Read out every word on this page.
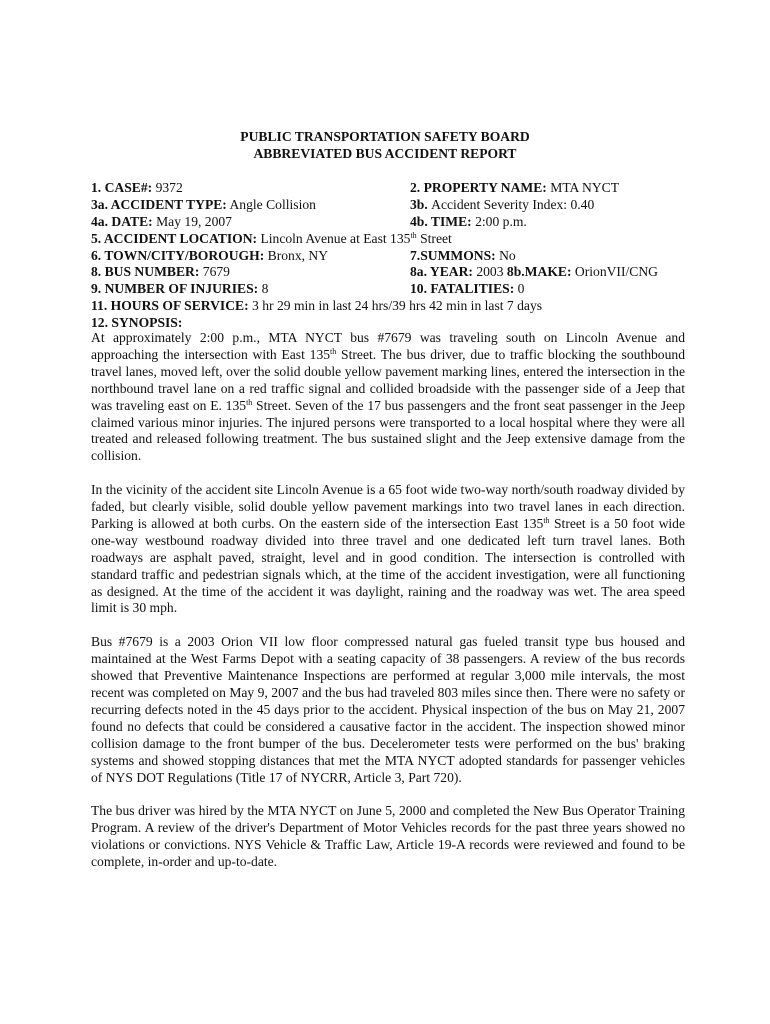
PUBLIC TRANSPORTATION SAFETY BOARD
ABBREVIATED BUS ACCIDENT REPORT
1. CASE#: 9372	2. PROPERTY NAME: MTA NYCT
3a. ACCIDENT TYPE: Angle Collision	3b. Accident Severity Index: 0.40
4a. DATE: May 19, 2007	4b. TIME: 2:00 p.m.
5. ACCIDENT LOCATION: Lincoln Avenue at East 135th Street
6. TOWN/CITY/BOROUGH: Bronx, NY	7.SUMMONS: No
8. BUS NUMBER: 7679	8a. YEAR: 2003 8b.MAKE: OrionVII/CNG
9. NUMBER OF INJURIES: 8	10. FATALITIES: 0
11. HOURS OF SERVICE: 3 hr 29 min in last 24 hrs/39 hrs 42 min in last 7 days
12. SYNOPSIS:

At approximately 2:00 p.m., MTA NYCT bus #7679 was traveling south on Lincoln Avenue and approaching the intersection with East 135th Street. The bus driver, due to traffic blocking the southbound travel lanes, moved left, over the solid double yellow pavement marking lines, entered the intersection in the northbound travel lane on a red traffic signal and collided broadside with the passenger side of a Jeep that was traveling east on E. 135th Street. Seven of the 17 bus passengers and the front seat passenger in the Jeep claimed various minor injuries. The injured persons were transported to a local hospital where they were all treated and released following treatment. The bus sustained slight and the Jeep extensive damage from the collision.

In the vicinity of the accident site Lincoln Avenue is a 65 foot wide two-way north/south roadway divided by faded, but clearly visible, solid double yellow pavement markings into two travel lanes in each direction. Parking is allowed at both curbs. On the eastern side of the intersection East 135th Street is a 50 foot wide one-way westbound roadway divided into three travel and one dedicated left turn travel lanes. Both roadways are asphalt paved, straight, level and in good condition. The intersection is controlled with standard traffic and pedestrian signals which, at the time of the accident investigation, were all functioning as designed. At the time of the accident it was daylight, raining and the roadway was wet. The area speed limit is 30 mph.

Bus #7679 is a 2003 Orion VII low floor compressed natural gas fueled transit type bus housed and maintained at the West Farms Depot with a seating capacity of 38 passengers. A review of the bus records showed that Preventive Maintenance Inspections are performed at regular 3,000 mile intervals, the most recent was completed on May 9, 2007 and the bus had traveled 803 miles since then. There were no safety or recurring defects noted in the 45 days prior to the accident. Physical inspection of the bus on May 21, 2007 found no defects that could be considered a causative factor in the accident. The inspection showed minor collision damage to the front bumper of the bus. Decelerometer tests were performed on the bus' braking systems and showed stopping distances that met the MTA NYCT adopted standards for passenger vehicles of NYS DOT Regulations (Title 17 of NYCRR, Article 3, Part 720).

The bus driver was hired by the MTA NYCT on June 5, 2000 and completed the New Bus Operator Training Program. A review of the driver's Department of Motor Vehicles records for the past three years showed no violations or convictions. NYS Vehicle & Traffic Law, Article 19-A records were reviewed and found to be complete, in-order and up-to-date.
